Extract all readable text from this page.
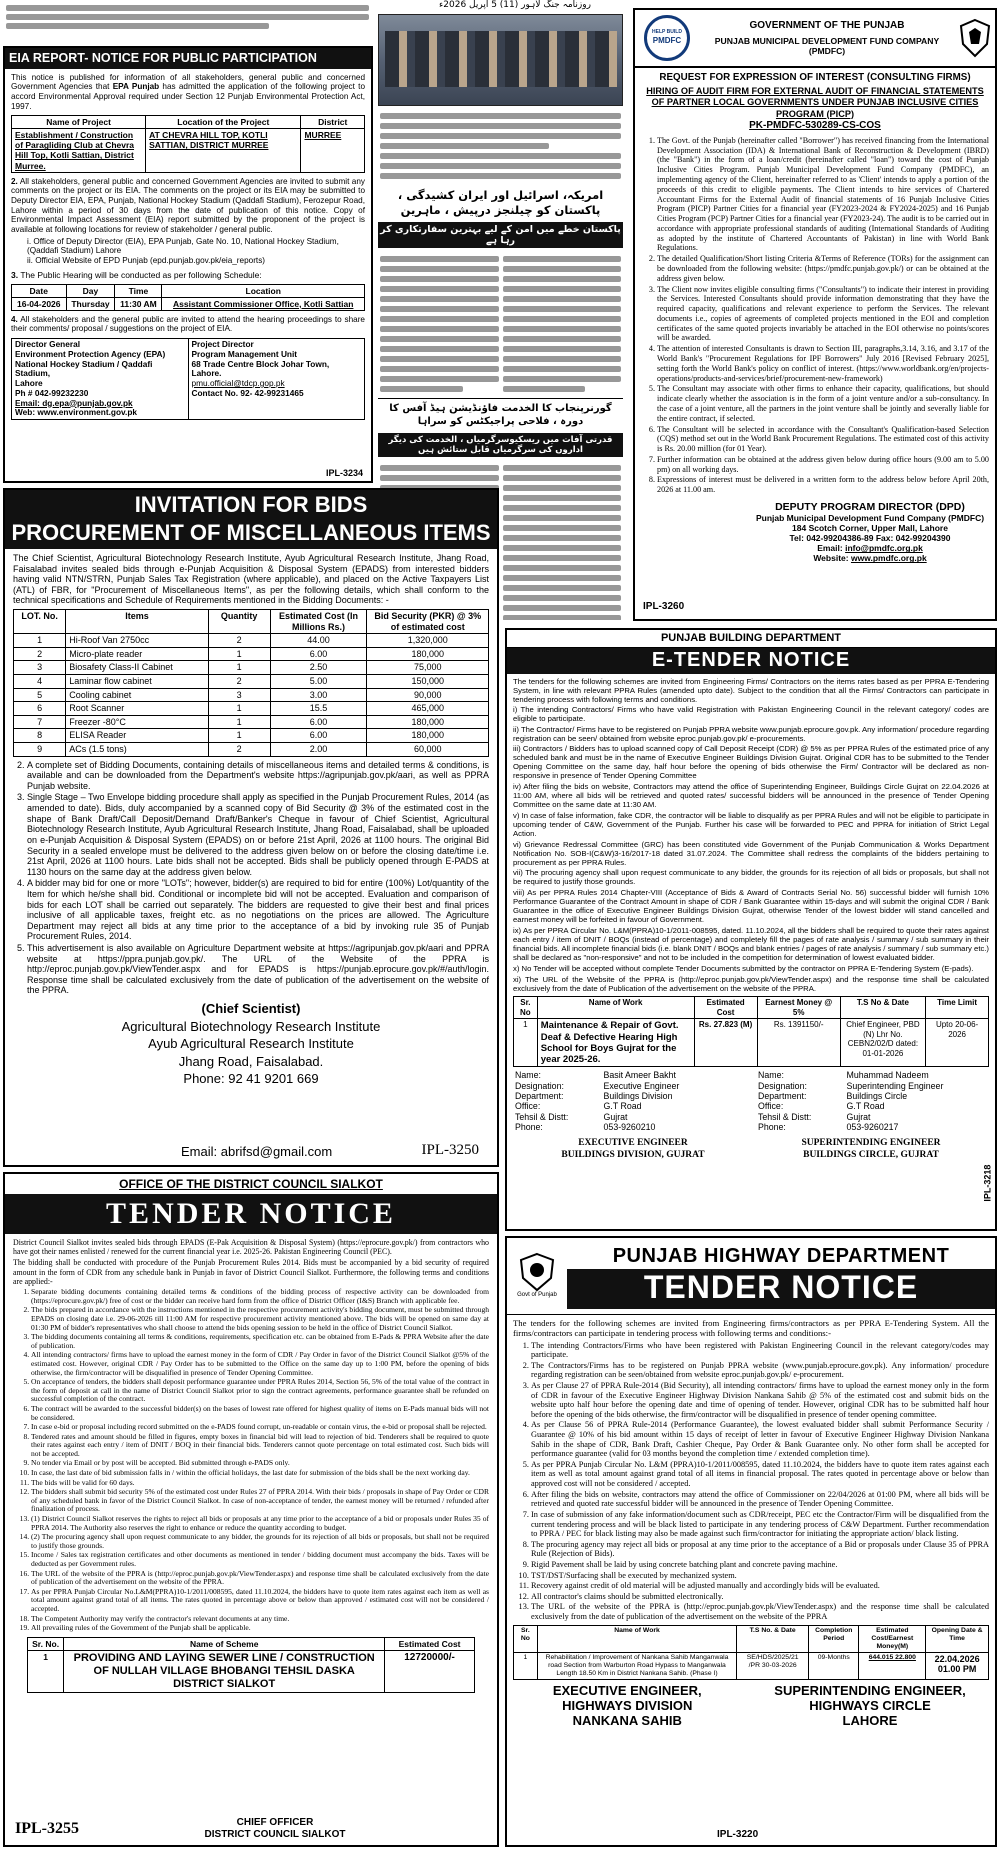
روزنامہ جنگ لاہور (11) 5 اپریل 2026ء
EIA REPORT- NOTICE FOR PUBLIC PARTICIPATION

This notice is published for information of all stakeholders, general public and concerned Government Agencies that EPA Punjab has admitted the application of the following project to accord Environmental Approval required under Section 12 Punjab Environmental Protection Act, 1997.

Name of Project	Location of the Project	District
Establishment / Construction of Paragliding Club at Chevra Hill Top, Kotli Sattian, District Murree.	AT CHEVRA HILL TOP, KOTLI SATTIAN, DISTRICT MURREE	MURREE

2. All stakeholders, general public and concerned Government Agencies are invited to submit any comments on the project or its EIA. The comments on the project or its EIA may be submitted to Deputy Director EIA, EPA, Punjab, National Hockey Stadium (Qaddafi Stadium), Ferozepur Road, Lahore within a period of 30 days from the date of publication of this notice. Copy of Environmental Impact Assessment (EIA) report submitted by the proponent of the project is available at following locations for review of stakeholder / general public.

i. Office of Deputy Director (EIA), EPA Punjab, Gate No. 10, National Hockey Stadium, (Qaddafi Stadium) Lahore
ii. Official Website of EPD Punjab (epd.punjab.gov.pk/eia_reports)

3. The Public Hearing will be conducted as per following Schedule:

Date	Day	Time	Location
16-04-2026	Thursday	11:30 AM	Assistant Commissioner Office, Kotli Sattian

4. All stakeholders and the general public are invited to attend the hearing proceedings to share their comments/ proposal / suggestions on the project of EIA.

Director General
Environment Protection Agency (EPA)
National Hockey Stadium / Qaddafi Stadium,
Lahore
Ph # 042-99232230
Email: dg.epa@punjab.gov.pk
Web: www.environment.gov.pk

Project Director
Program Management Unit
68 Trade Centre Block Johar Town,
Lahore.
pmu.official@tdcp.gop.pk
Contact No. 92- 42-99231465
IPL-3234
امریکہ، اسرائیل اور ایران کشیدگی ، پاکستان کو چیلنجز درپیش ، ماہرین
پاکستان خطے میں امن کے لیے بہترین سفارتکاری کر رہا ہے
گورنرپنجاب کا الخدمت فاؤنڈیشن ہیڈ آفس کا دورہ ، فلاحی پراجیکٹس کو سراہا
قدرتی آفات میں ریسکیوسرگرمیاں ، الخدمت کی دیگر اداروں کی سرگرمیاں قابل ستائش ہیں
HELP BUILD
PMDFC
GOVERNMENT OF THE PUNJAB
PUNJAB MUNICIPAL DEVELOPMENT FUND COMPANY (PMDFC)
REQUEST FOR EXPRESSION OF INTEREST (CONSULTING FIRMS)
HIRING OF AUDIT FIRM FOR EXTERNAL AUDIT OF FINANCIAL STATEMENTS OF PARTNER LOCAL GOVERNMENTS UNDER PUNJAB INCLUSIVE CITIES PROGRAM (PICP)
PK-PMDFC-530289-CS-COS
1. The Govt. of the Punjab (hereinafter called "Borrower") has received financing from the International Development Association (IDA) & International Bank of Reconstruction & Development (IBRD) (the "Bank") in the form of a loan/credit (hereinafter called "loan") toward the cost of Punjab Inclusive Cities Program. Punjab Municipal Development Fund Company (PMDFC), an implementing agency of the Client, hereinafter referred to as 'Client' intends to apply a portion of the proceeds of this credit to eligible payments. The Client intends to hire services of Chartered Accountant Firms for the External Audit of financial statements of 16 Punjab Inclusive Cities Program (PICP) Partner Cities for a financial year (FY2023-2024 & FY2024-2025) and 16 Punjab Cities Program (PCP) Partner Cities for a financial year (FY2023-24). The audit is to be carried out in accordance with appropriate professional standards of auditing (International Standards of Auditing as adopted by the institute of Chartered Accountants of Pakistan) in line with World Bank Regulations.
2. The detailed Qualification/Short listing Criteria &Terms of Reference (TORs) for the assignment can be downloaded from the following website: (https://pmdfc.punjab.gov.pk/) or can be obtained at the address given below.
3. The Client now invites eligible consulting firms ("Consultants") to indicate their interest in providing the Services. Interested Consultants should provide information demonstrating that they have the required capacity, qualifications and relevant experience to perform the Services. The relevant documents i.e., copies of agreements of completed projects mentioned in the EOI and completion certificates of the same quoted projects invariably be attached in the EOI otherwise no points/scores will be awarded.
4. The attention of interested Consultants is drawn to Section III, paragraphs,3.14, 3.16, and 3.17 of the World Bank's "Procurement Regulations for IPF Borrowers" July 2016 [Revised February 2025], setting forth the World Bank's policy on conflict of interest. (https://www.worldbank.org/en/projects-operations/products-and-services/brief/procurement-new-framework)
5. The Consultant may associate with other firms to enhance their capacity, qualifications, but should indicate clearly whether the association is in the form of a joint venture and/or a sub-consultancy. In the case of a joint venture, all the partners in the joint venture shall be jointly and severally liable for the entire contract, if selected.
6. The Consultant will be selected in accordance with the Consultant's Qualification-based Selection (CQS) method set out in the World Bank Procurement Regulations. The estimated cost of this activity is Rs. 20.00 million (for 01 Year).
7. Further information can be obtained at the address given below during office hours (9.00 am to 5.00 pm) on all working days.
8. Expressions of interest must be delivered in a written form to the address below before April 20th, 2026 at 11.00 am.
DEPUTY PROGRAM DIRECTOR (DPD)
Punjab Municipal Development Fund Company (PMDFC)
184 Scotch Corner, Upper Mall, Lahore
Tel: 042-99204386-89 Fax: 042-99204390
Email: info@pmdfc.org.pk
Website: www.pmdfc.org.pk
IPL-3260
INVITATION FOR BIDS
PROCUREMENT OF MISCELLANEOUS ITEMS

The Chief Scientist, Agricultural Biotechnology Research Institute, Ayub Agricultural Research Institute, Jhang Road, Faisalabad invites sealed bids through e-Punjab Acquisition & Disposal System (EPADS) from interested bidders having valid NTN/STRN, Punjab Sales Tax Registration (where applicable), and placed on the Active Taxpayers List (ATL) of FBR, for "Procurement of Miscellaneous Items", as per the following details, which shall conform to the technical specifications and Schedule of Requirements mentioned in the Bidding Documents: -

LOT. No.	Items	Quantity	Estimated Cost (In Millions Rs.)	Bid Security (PKR) @ 3% of estimated cost
1	Hi-Roof Van 2750cc	2	44.00	1,320,000
2	Micro-plate reader	1	6.00	180,000
3	Biosafety Class-II Cabinet	1	2.50	75,000
4	Laminar flow cabinet	2	5.00	150,000
5	Cooling cabinet	3	3.00	90,000
6	Root Scanner	1	15.5	465,000
7	Freezer -80°C	1	6.00	180,000
8	ELISA Reader	1	6.00	180,000
9	ACs (1.5 tons)	2	2.00	60,000
2. A complete set of Bidding Documents, containing details of miscellaneous items and detailed terms & conditions, is available and can be downloaded from the Department's website https://agripunjab.gov.pk/aari, as well as PPRA Punjab website.
3. Single Stage – Two Envelope bidding procedure shall apply as specified in the Punjab Procurement Rules, 2014 (as amended to date). Bids, duly accompanied by a scanned copy of Bid Security @ 3% of the estimated cost in the shape of Bank Draft/Call Deposit/Demand Draft/Banker's Cheque in favour of Chief Scientist, Agricultural Biotechnology Research Institute, Ayub Agricultural Research Institute, Jhang Road, Faisalabad, shall be uploaded on e-Punjab Acquisition & Disposal System (EPADS) on or before 21st April, 2026 at 1100 hours. The original Bid Security in a sealed envelope must be delivered to the address given below on or before the closing date/time i.e. 21st April, 2026 at 1100 hours. Late bids shall not be accepted. Bids shall be publicly opened through E-PADS at 1130 hours on the same day at the address given below.
4. A bidder may bid for one or more "LOTs"; however, bidder(s) are required to bid for entire (100%) Lot/quantity of the Item for which he/she shall bid. Conditional or incomplete bid will not be accepted. Evaluation and comparison of bids for each LOT shall be carried out separately. The bidders are requested to give their best and final prices inclusive of all applicable taxes, freight etc. as no negotiations on the prices are allowed. The Agriculture Department may reject all bids at any time prior to the acceptance of a bid by invoking rule 35 of Punjab Procurement Rules, 2014.
5. This advertisement is also available on Agriculture Department website at https://agripunjab.gov.pk/aari and PPRA website at https://ppra.punjab.gov.pk/. The URL of the Website of the PPRA is http://eproc.punjab.gov.pk/ViewTender.aspx and for EPADS is https://punjab.eprocure.gov.pk/#/auth/login. Response time shall be calculated exclusively from the date of publication of the advertisement on the website of the PPRA.
(Chief Scientist)
Agricultural Biotechnology Research Institute
Ayub Agricultural Research Institute
Jhang Road, Faisalabad.
Phone: 92 41 9201 669
Email: abrifsd@gmail.com	IPL-3250
PUNJAB BUILDING DEPARTMENT
E-TENDER NOTICE

The tenders for the following schemes are invited from Engineering Firms/ Contractors on the items rates based as per PPRA E-Tendering System, in line with relevant PPRA Rules (amended upto date). Subject to the condition that all the Firms/ Contractors can participate in tendering process with following terms and conditions.

i) The intending Contractors/ Firms who have valid Registration with Pakistan Engineering Council in the relevant category/ codes are eligible to participate.

ii) The Contractor/ Firms have to be registered on Punjab PPRA website www.punjab.eprocure.gov.pk. Any information/ procedure regarding registration can be seen/ obtained from website eproc.punjab.gov.pk/ e-procurements.

iii) Contractors / Bidders has to upload scanned copy of Call Deposit Receipt (CDR) @ 5% as per PPRA Rules of the estimated price of any scheduled bank and must be in the name of Executive Engineer Buildings Division Gujrat. Original CDR has to be submitted to the Tender Opening Committee on the same day, half hour before the opening of bids otherwise the Firm/ Contractor will be declared as non-responsive in presence of Tender Opening Committee

iv) After filing the bids on website, Contractors may attend the office of Superintending Engineer, Buildings Circle Gujrat on 22.04.2026 at 11:00 AM, where all bids will be retrieved and quoted rates/ successful bidders will be announced in the presence of Tender Opening Committee on the same date at 11:30 AM.

v) In case of false information, fake CDR, the contractor will be liable to disqualify as per PPRA Rules and will not be eligible to participate in upcoming tender of C&W, Government of the Punjab. Further his case will be forwarded to PEC and PPRA for initiation of Strict Legal Action.

vi) Grievance Redressal Committee (GRC) has been constituted vide Government of the Punjab Communication & Works Department Notification No. SOB-I(C&W)3-16/2017-18 dated 31.07.2024. The Committee shall redress the complaints of the bidders pertaining to procurement as per PPRA Rules.

vii) The procuring agency shall upon request communicate to any bidder, the grounds for its rejection of all bids or proposals, but shall not be required to justify those grounds.

viii) As per PPRA Rules 2014 Chapter-VIII (Acceptance of Bids & Award of Contracts Serial No. 56) successful bidder will furnish 10% Performance Guarantee of the Contract Amount in shape of CDR / Bank Guarantee within 15-days and will submit the original CDR / Bank Guarantee in the office of Executive Engineer Buildings Division Gujrat, otherwise Tender of the lowest bidder will stand cancelled and earnest money will be forfeited in favour of Government.

ix) As per PPRA Circular No. L&M(PPRA)10-1/2011-008595, dated. 11.10.2024, all the bidders shall be required to quote their rates against each entry / item of DNIT / BOQs (instead of percentage) and completely fill the pages of rate analysis / summary / sub summary in their financial bids. All incomplete financial bids (i.e. blank DNIT / BOQs and blank entries / pages of rate analysis / summary / sub summary etc.) shall be declared as "non-responsive" and not to be included in the competition for determination of lowest evaluated bidder.

x) No Tender will be accepted without complete Tender Documents submitted by the contractor on PPRA E-Tendering System (E-pads).

xi) The URL of the Website of the PPRA is (http://eproc.punjab.gov.pk/ViewTender.aspx) and the response time shall be calculated exclusively from the date of Publication of the advertisement on the website of the PPRA.

Sr. No	Name of Work	Estimated Cost	Earnest Money @ 5%	T.S No & Date	Time Limit
1	Maintenance & Repair of Govt. Deaf & Defective Hearing High School for Boys Gujrat for the year 2025-26.	Rs. 27.823 (M)	Rs. 1391150/-	Chief Engineer, PBD (N) Lhr No. CEBN2/02/D dated: 01-01-2026	Upto 20-06-2026
Name:	Basit Ameer Bakht
Designation:	Executive Engineer
Department:	Buildings Division
Office:	G.T Road
Tehsil & Distt:	Gujrat
Phone:	053-9260210
Name:	Muhammad Nadeem
Designation:	Superintending Engineer
Department:	Buildings Circle
Office:	G.T Road
Tehsil & Distt:	Gujrat
Phone:	053-9260217
EXECUTIVE ENGINEER
BUILDINGS DIVISION, GUJRAT
SUPERINTENDING ENGINEER
BUILDINGS CIRCLE, GUJRAT
IPL-3218
OFFICE OF THE DISTRICT COUNCIL SIALKOT
TENDER NOTICE

District Council Sialkot invites sealed bids through EPADS (E-Pak Acquisition & Disposal System) (https://eprocure.gov.pk/) from contractors who have got their names enlisted / renewed for the current financial year i.e. 2025-26. Pakistan Engineering Council (PEC).

The bidding shall be conducted with procedure of the Punjab Procurement Rules 2014. Bids must be accompanied by a bid security of required amount in the form of CDR from any schedule bank in Punjab in favor of District Council Sialkot. Furthermore, the following terms and conditions are applied:-

1. Separate bidding documents containing detailed terms & conditions of the bidding process of respective activity can be downloaded from (https://eprocure.gov.pk/) free of cost or the bidder can receive hard form from the office of District Officer (I&S) Branch with applicable fee.
2. The bids prepared in accordance with the instructions mentioned in the respective procurement activity's bidding document, must be submitted through EPADS on closing date i.e. 29-06-2026 till 11:00 AM for respective procurement activity mentioned above. The bids will be opened on same day at 01:30 PM of bidder's representatives who shall choose to attend the bids opening session to be held in the office of District Council Sialkot.
3. The bidding documents containing all terms & conditions, requirements, specification etc. can be obtained from E-Pads & PPRA Website after the date of publication.
4. All intending contractors/ firms have to upload the earnest money in the form of CDR / Pay Order in favor of the District Council Sialkot @5% of the estimated cost. However, original CDR / Pay Order has to be submitted to the Office on the same day up to 1:00 PM, before the opening of bids otherwise, the firm/contractor will be disqualified in presence of Tender Opening Committee.
5. On acceptance of tenders, the bidders shall deposit performance guarantee under PPRA Rules 2014, Section 56, 5% of the total value of the contract in the form of deposit at call in the name of District Council Sialkot prior to sign the contract agreements, performance guarantee shall be refunded on successful completion of the contract.
6. The contract will be awarded to the successful bidder(s) on the bases of lowest rate offered for highest quality of items on E-Pads manual bids will not be considered.
7. In case e-bid or proposal including record submitted on the e-PADS found corrupt, un-readable or contain virus, the e-bid or proposal shall be rejected.
8. Tendered rates and amount should be filled in figures, empty boxes in financial bid will lead to rejection of bid. Tenderers shall be required to quote their rates against each entry / item of DNIT / BOQ in their financial bids. Tenderers cannot quote percentage on total estimated cost. Such bids will not be accepted.
9. No tender via Email or by post will be accepted. Bid submitted through e-PADS only.
10. In case, the last date of bid submission falls in / within the official holidays, the last date for submission of the bids shall be the next working day.
11. The bids will be valid for 60 days.
12. The bidders shall submit bid security 5% of the estimated cost under Rules 27 of PPRA 2014. With their bids / proposals in shape of Pay Order or CDR of any scheduled bank in favor of the District Council Sialkot. In case of non-acceptance of tender, the earnest money will be returned / refunded after finalization of process.
13. (1) District Council Sialkot reserves the rights to reject all bids or proposals at any time prior to the acceptance of a bid or proposals under Rules 35 of PPRA 2014. The Authority also reserves the right to enhance or reduce the quantity according to budget.
14. (2) The procuring agency shall upon request communicate to any bidder, the grounds for its rejection of all bids or proposals, but shall not be required to justify those grounds.
15. Income / Sales tax registration certificates and other documents as mentioned in tender / bidding document must accompany the bids. Taxes will be deducted as per Government rules.
16. The URL of the website of the PPRA is (http://eproc.punjab.gov.pk/ViewTender.aspx) and response time shall be calculated exclusively from the date of publication of the advertisement on the website of the PPRA.
17. As per PPRA Punjab Circular No.L&M(PPRA)10-1/2011/008595, dated 11.10.2024, the bidders have to quote item rates against each item as well as total amount against grand total of all items. The rates quoted in percentage above or below than approved / estimated cost will not be considered / accepted.
18. The Competent Authority may verify the contractor's relevant documents at any time.
19. All prevailing rules of the Government of the Punjab shall be applicable.
Sr. No.	Name of Scheme	Estimated Cost
1	PROVIDING AND LAYING SEWER LINE / CONSTRUCTION OF NULLAH VILLAGE BHOBANGI TEHSIL DASKA DISTRICT SIALKOT	12720000/-
IPL-3255	CHIEF OFFICER
DISTRICT COUNCIL SIALKOT
Govt of Punjab
PUNJAB HIGHWAY DEPARTMENT
TENDER NOTICE

The tenders for the following schemes are invited from Engineering firms/contractors as per PPRA E-Tendering System. All the firms/contractors can participate in tendering process with following terms and conditions:-

1. The intending Contractors/Firms who have been registered with Pakistan Engineering Council in the relevant category/codes may participate.
2. The Contractors/Firms has to be registered on Punjab PPRA website (www.punjab.eprocure.gov.pk). Any information/ procedure regarding registration can be seen/obtained from website eproc.punjab.gov.pk/ e-procurement.
3. As per Clause 27 of PPRA Rule-2014 (Bid Security), all intending contractors/ firms have to upload the earnest money only in the form of CDR in favour of the Executive Engineer Highway Division Nankana Sahib @ 5% of the estimated cost and submit bids on the website upto half hour before the opening date and time of opening of tender. However, original CDR has to be submitted half hour before the opening of the bids otherwise, the firm/contractor will be disqualified in presence of tender opening committee.
4. As per Clause 56 of PPRA Rule-2014 (Performance Guarantee), the lowest evaluated bidder shall submit Performance Security / Guarantee @ 10% of his bid amount within 15 days of receipt of letter in favour of Executive Engineer Highway Division Nankana Sahib in the shape of CDR, Bank Draft, Cashier Cheque, Pay Order & Bank Guarantee only. No other form shall be accepted for performance guarantee (valid for 03 months beyond the completion time / extended completion time).
5. As per PPRA Punjab Circular No. L&M (PPRA)10-1/2011/008595, dated 11.10.2024, the bidders have to quote item rates against each item as well as total amount against grand total of all items in financial proposal. The rates quoted in percentage above or below than approved cost will not be considered / accepted.
6. After filing the bids on website, contractors may attend the office of Commissioner on 22/04/2026 at 01:00 PM, where all bids will be retrieved and quoted rate successful bidder will be announced in the presence of Tender Opening Committee.
7. In case of submission of any fake information/document such as CDR/receipt, PEC etc the Contractor/Firm will be disqualified from the current tendering process and will be black listed to participate in any tendering process of C&W Department. Further recommendation to PPRA / PEC for black listing may also be made against such firm/contractor for initiating the appropriate action/ black listing.
8. The procuring agency may reject all bids or proposal at any time prior to the acceptance of a Bid or proposals under Clause 35 of PPRA Rule (Rejection of Bids).
9. Rigid Pavement shall be laid by using concrete batching plant and concrete paving machine.
10. TST/DST/Surfacing shall be executed by mechanized system.
11. Recovery against credit of old material will be adjusted manually and accordingly bids will be evaluated.
12. All contractor's claims should be submitted electronically.
13. The URL of the website of the PPRA is (http://eproc.punjab.gov.pk/ViewTender.aspx) and the response time shall be calculated exclusively from the date of publication of the advertisement on the website of the PPRA
Sr. No	Name of Work	T.S No. & Date	Completion Period	Estimated Cost/Earnest Money(M)	Opening Date & Time
1	Rehabilitation / Improvement of Nankana Sahib Manganwala road Section from Warburton Road Hypass to Manganwala Length 18.50 Km in District Nankana Sahib. (Phase I)	SE/HDS/2025/21 /PR 30-03-2026	09-Months	644.015 22.800	22.04.2026 01.00 PM
EXECUTIVE ENGINEER,
HIGHWAYS DIVISION
NANKANA SAHIB
SUPERINTENDING ENGINEER,
HIGHWAYS CIRCLE
LAHORE
IPL-3220
